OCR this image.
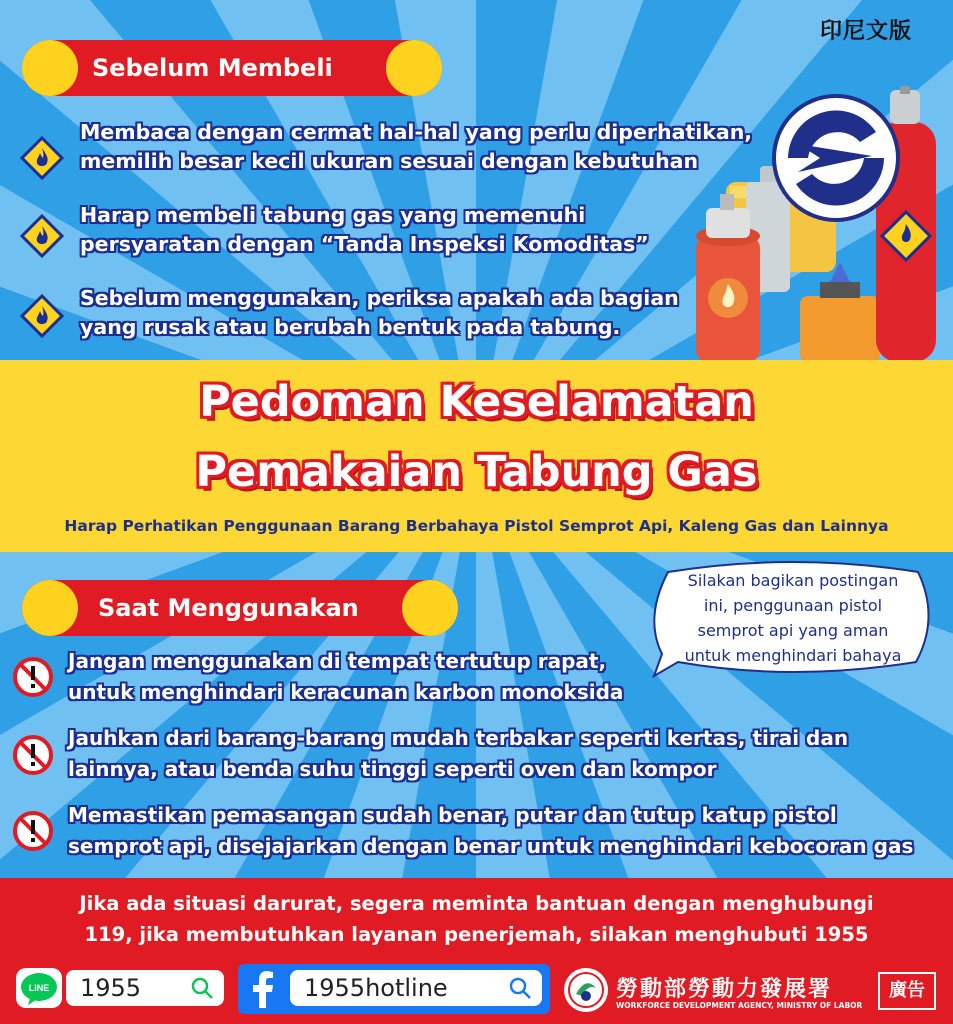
印尼文版
Sebelum Membeli
Membaca dengan cermat hal-hal yang perlu diperhatikan,
memilih besar kecil ukuran sesuai dengan kebutuhan
Harap membeli tabung gas yang memenuhi
persyaratan dengan “Tanda Inspeksi Komoditas”
Sebelum menggunakan, periksa apakah ada bagian
yang rusak atau berubah bentuk pada tabung.
Pedoman Keselamatan
Pemakaian Tabung Gas
Harap Perhatikan Penggunaan Barang Berbahaya Pistol Semprot Api, Kaleng Gas dan Lainnya
Saat Menggunakan
Silakan bagikan postingan
ini, penggunaan pistol
semprot api yang aman
untuk menghindari bahaya
Jangan menggunakan di tempat tertutup rapat,
untuk menghindari keracunan karbon monoksida
Jauhkan dari barang-barang mudah terbakar seperti kertas, tirai dan
lainnya, atau benda suhu tinggi seperti oven dan kompor
Memastikan pemasangan sudah benar, putar dan tutup katup pistol
semprot api, disejajarkan dengan benar untuk menghindari kebocoran gas
Jika ada situasi darurat, segera meminta bantuan dengan menghubungi
119, jika membutuhkan layanan penerjemah, silakan menghubuti 1955
LINE 1955	1955hotline	勞動部勞動力發展署
WORKFORCE DEVELOPMENT AGENCY, MINISTRY OF LABOR
廣告
